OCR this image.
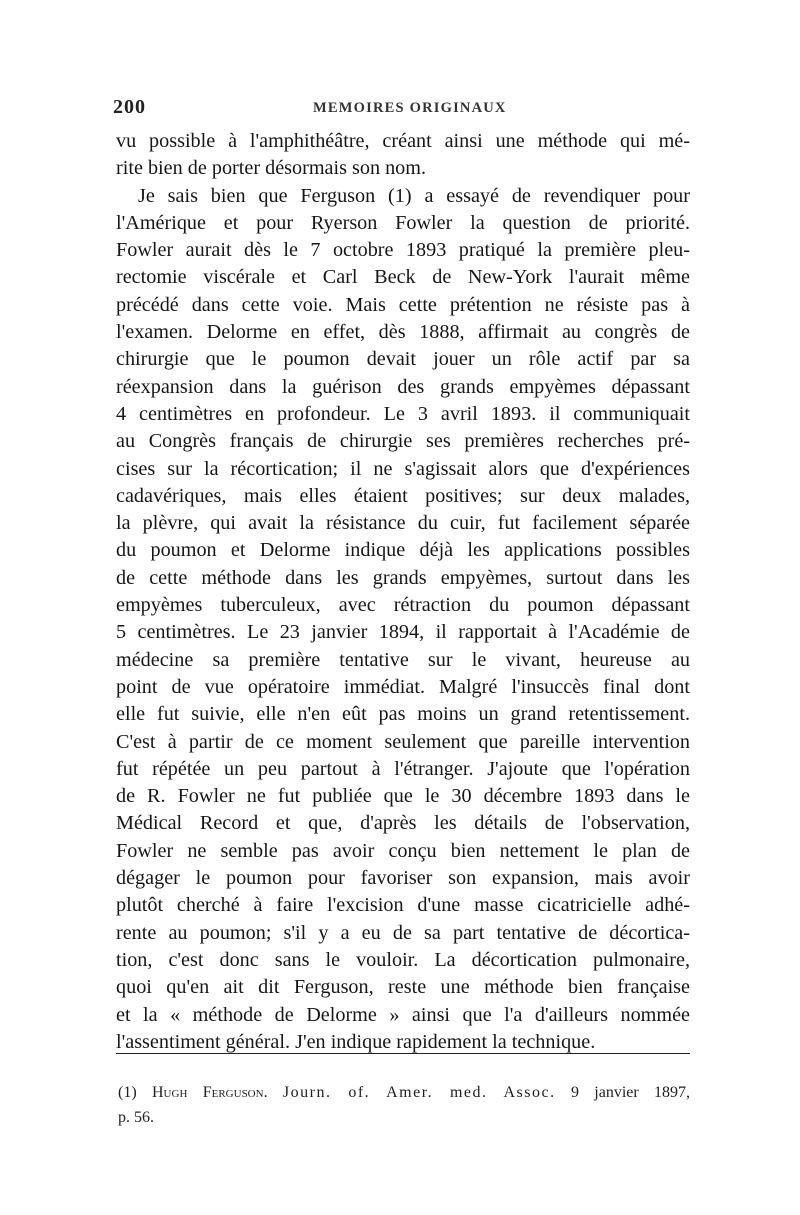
200	MEMOIRES ORIGINAUX
vu possible à l'amphithéâtre, créant ainsi une méthode qui mé-
rite bien de porter désormais son nom.
Je sais bien que Ferguson (1) a essayé de revendiquer pour
l'Amérique et pour Ryerson Fowler la question de priorité.
Fowler aurait dès le 7 octobre 1893 pratiqué la première pleu-
rectomie viscérale et Carl Beck de New-York l'aurait même
précédé dans cette voie. Mais cette prétention ne résiste pas à
l'examen. Delorme en effet, dès 1888, affirmait au congrès de
chirurgie que le poumon devait jouer un rôle actif par sa
réexpansion dans la guérison des grands empyèmes dépassant
4 centimètres en profondeur. Le 3 avril 1893. il communiquait
au Congrès français de chirurgie ses premières recherches pré-
cises sur la récortication; il ne s'agissait alors que d'expériences
cadavériques, mais elles étaient positives; sur deux malades,
la plèvre, qui avait la résistance du cuir, fut facilement séparée
du poumon et Delorme indique déjà les applications possibles
de cette méthode dans les grands empyèmes, surtout dans les
empyèmes tuberculeux, avec rétraction du poumon dépassant
5 centimètres. Le 23 janvier 1894, il rapportait à l'Académie de
médecine sa première tentative sur le vivant, heureuse au
point de vue opératoire immédiat. Malgré l'insuccès final dont
elle fut suivie, elle n'en eût pas moins un grand retentissement.
C'est à partir de ce moment seulement que pareille intervention
fut répétée un peu partout à l'étranger. J'ajoute que l'opération
de R. Fowler ne fut publiée que le 30 décembre 1893 dans le
Médical Record et que, d'après les détails de l'observation,
Fowler ne semble pas avoir conçu bien nettement le plan de
dégager le poumon pour favoriser son expansion, mais avoir
plutôt cherché à faire l'excision d'une masse cicatricielle adhé-
rente au poumon; s'il y a eu de sa part tentative de décortica-
tion, c'est donc sans le vouloir. La décortication pulmonaire,
quoi qu'en ait dit Ferguson, reste une méthode bien française
et la « méthode de Delorme » ainsi que l'a d'ailleurs nommée
l'assentiment général. J'en indique rapidement la technique.
(1) Hugh Ferguson. Journ. of. Amer. med. Assoc. 9 janvier 1897,
p. 56.
